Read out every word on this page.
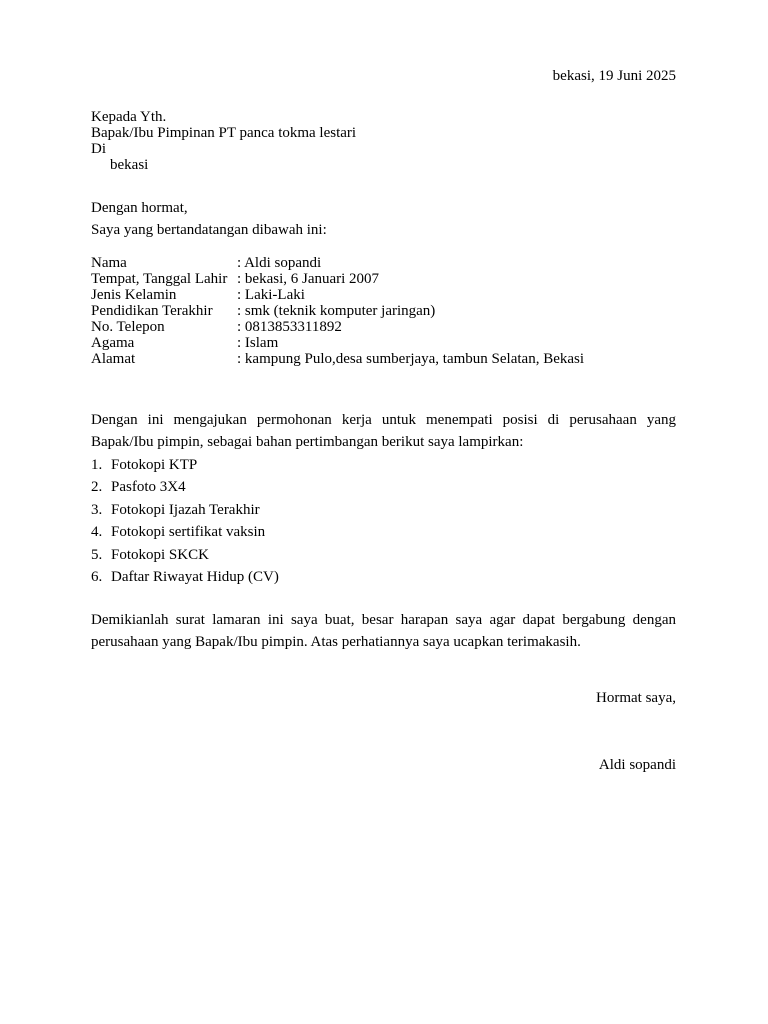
bekasi, 19 Juni 2025
Kepada Yth.
Bapak/Ibu Pimpinan PT panca tokma lestari
Di
bekasi
Dengan hormat,
Saya yang bertandatangan dibawah ini:
Nama	: Aldi sopandi
Tempat, Tanggal Lahir	: bekasi, 6 Januari 2007
Jenis Kelamin	: Laki-Laki
Pendidikan Terakhir	: smk (teknik komputer jaringan)
No. Telepon	: 0813853311892
Agama	: Islam
Alamat	: kampung Pulo,desa sumberjaya, tambun Selatan, Bekasi
Dengan ini mengajukan permohonan kerja untuk menempati posisi di perusahaan yang Bapak/Ibu pimpin, sebagai bahan pertimbangan berikut saya lampirkan:
1. Fotokopi KTP
2. Pasfoto 3X4
3. Fotokopi Ijazah Terakhir
4. Fotokopi sertifikat vaksin
5. Fotokopi SKCK
6. Daftar Riwayat Hidup (CV)
Demikianlah surat lamaran ini saya buat, besar harapan saya agar dapat bergabung dengan perusahaan yang Bapak/Ibu pimpin. Atas perhatiannya saya ucapkan terimakasih.
Hormat saya,
Aldi sopandi
